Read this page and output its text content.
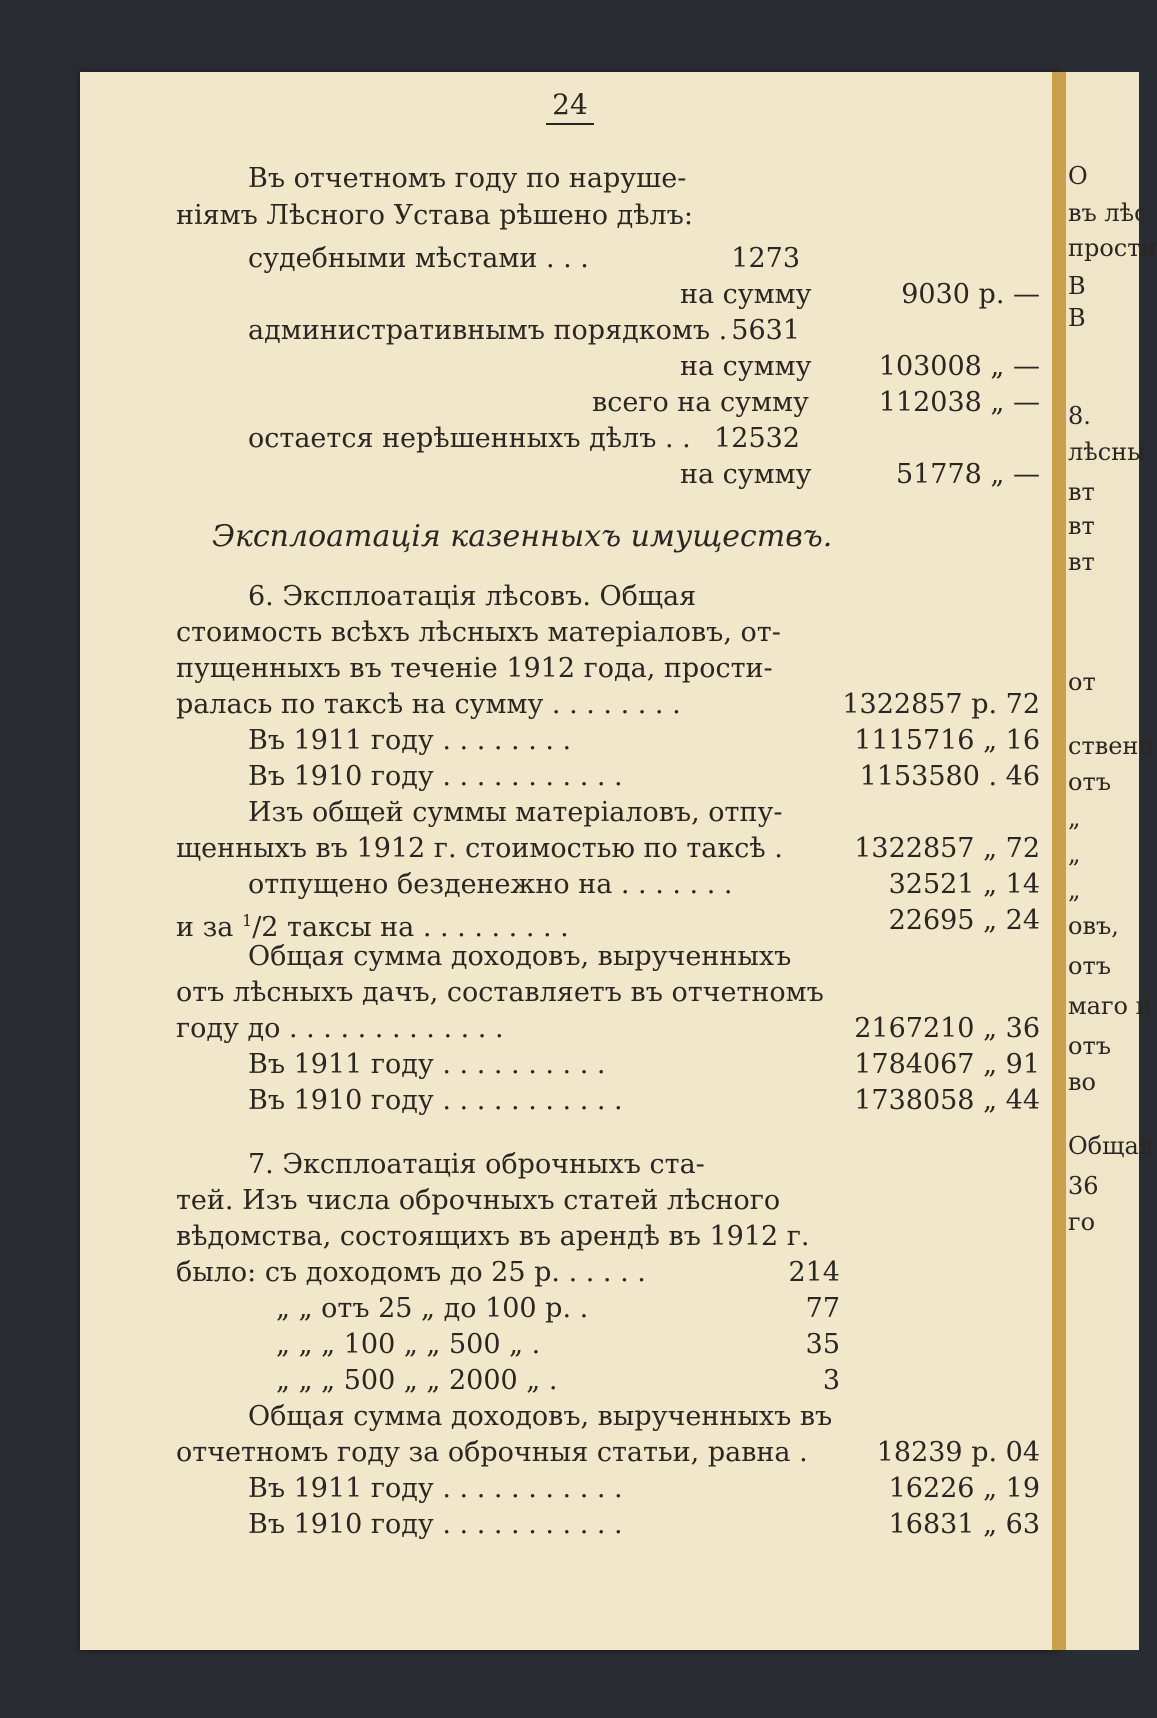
24
Въ отчетномъ году по наруше-
ніямъ Лѣсного Устава рѣшено дѣлъ:
судебными мѣстами . . .	1273
на сумму	9030 р. —
административнымъ порядкомъ . 5631
на сумму	103008 „ —
всего на сумму	112038 „ —
остается нерѣшенныхъ дѣлъ . . 12532
на сумму	51778 „ —
Эксплоатація казенныхъ имуществъ.
6. Эксплоатація лѣсовъ. Общая
стоимость всѣхъ лѣсныхъ матеріаловъ, от-
пущенныхъ въ теченіе 1912 года, прости-
ралась по таксѣ на сумму . . . . . . . .	1322857 р. 72
Въ 1911 году . . . . . . . .	1115716 „ 16
Въ 1910 году . . . . . . . . . . .	1153580 . 46
Изъ общей суммы матеріаловъ, отпу-
щенныхъ въ 1912 г. стоимостью по таксѣ .	1322857 „ 72
отпущено безденежно на . . . . . . .	32521 „ 14
и за $^1$/2 таксы на . . . . . . . . .	22695 „ 24
Общая сумма доходовъ, вырученныхъ
отъ лѣсныхъ дачъ, составляетъ въ отчетномъ
году до . . . . . . . . . . . . .	2167210 „ 36
Въ 1911 году . . . . . . . . . .	1784067 „ 91
Въ 1910 году . . . . . . . . . . .	1738058 „ 44
7. Эксплоатація оброчныхъ ста-
тей. Изъ числа оброчныхъ статей лѣсного
вѣдомства, состоящихъ въ арендѣ въ 1912 г.
было: съ доходомъ до 25 р. . . . . .	214
„ „ отъ 25 „ до 100 р. .	77
„ „ „ 100 „ „ 500 „ .	35
„ „ „ 500 „ „ 2000 „ .	3
Общая сумма доходовъ, вырученныхъ въ
отчетномъ году за оброчныя статьи, равна .	18239 р. 04
Въ 1911 году . . . . . . . . . . .	16226 „ 19
Въ 1910 году . . . . . . . . . . .	16831 „ 63
О
въ лѣс
прости
В
В
8.
лѣсны
вт
вт
вт
от
ственн
отъ
„
„
„
овъ,
отъ
маго и
отъ
во
Общая
36
го
